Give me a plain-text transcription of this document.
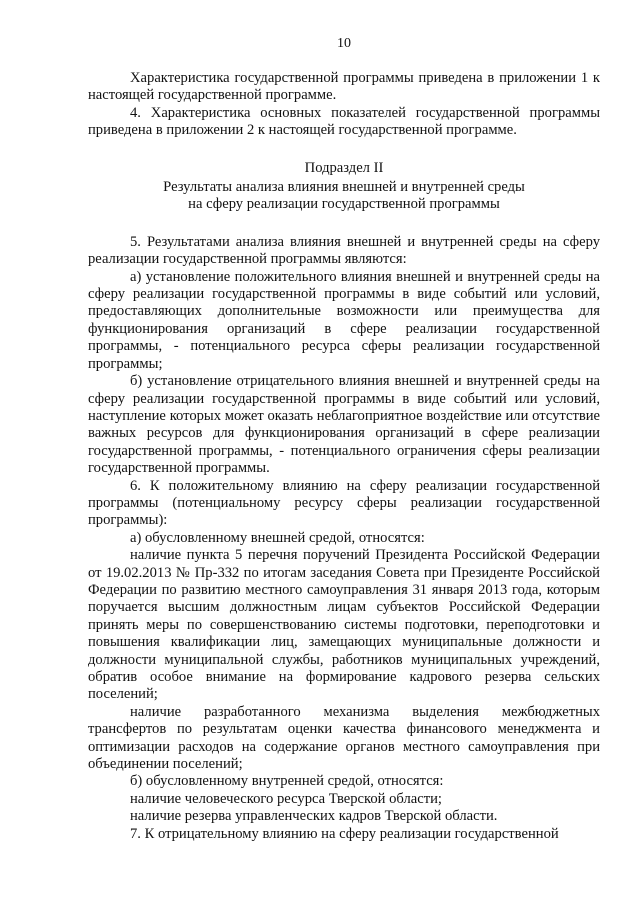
10

Характеристика государственной программы приведена в приложении 1 к настоящей государственной программе.

4. Характеристика основных показателей государственной программы приведена в приложении 2 к настоящей государственной программе.

Подраздел II
Результаты анализа влияния внешней и внутренней среды
на сферу реализации государственной программы

5. Результатами анализа влияния внешней и внутренней среды на сферу реализации государственной программы являются:

а) установление положительного влияния внешней и внутренней среды на сферу реализации государственной программы в виде событий или условий, предоставляющих дополнительные возможности или преимущества для функционирования организаций в сфере реализации государственной программы, - потенциального ресурса сферы реализации государственной программы;

б) установление отрицательного влияния внешней и внутренней среды на сферу реализации государственной программы в виде событий или условий, наступление которых может оказать неблагоприятное воздействие или отсутствие важных ресурсов для функционирования организаций в сфере реализации государственной программы, - потенциального ограничения сферы реализации государственной программы.

6. К положительному влиянию на сферу реализации государственной программы (потенциальному ресурсу сферы реализации государственной программы):

а) обусловленному внешней средой, относятся:

наличие пункта 5 перечня поручений Президента Российской Федерации от 19.02.2013 № Пр-332 по итогам заседания Совета при Президенте Российской Федерации по развитию местного самоуправления 31 января 2013 года, которым поручается высшим должностным лицам субъектов Российской Федерации принять меры по совершенствованию системы подготовки, переподготовки и повышения квалификации лиц, замещающих муниципальные должности и должности муниципальной службы, работников муниципальных учреждений, обратив особое внимание на формирование кадрового резерва сельских поселений;

наличие разработанного механизма выделения межбюджетных трансфертов по результатам оценки качества финансового менеджмента и оптимизации расходов на содержание органов местного самоуправления при объединении поселений;

б) обусловленному внутренней средой, относятся:

наличие человеческого ресурса Тверской области;

наличие резерва управленческих кадров Тверской области.

7. К отрицательному влиянию на сферу реализации государственной
